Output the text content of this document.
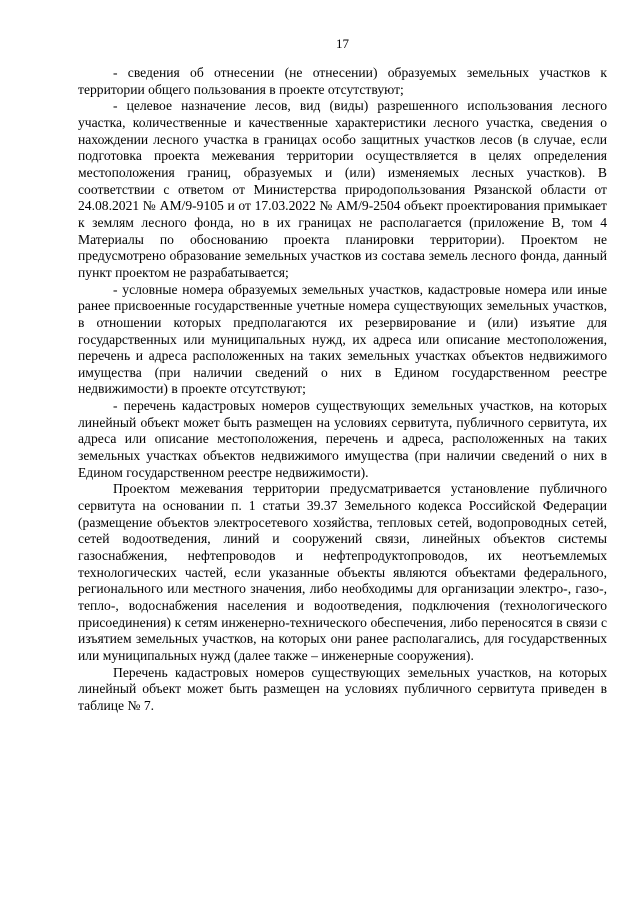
17

- сведения об отнесении (не отнесении) образуемых земельных участков к территории общего пользования в проекте отсутствуют;

- целевое назначение лесов, вид (виды) разрешенного использования лесного участка, количественные и качественные характеристики лесного участка, сведения о нахождении лесного участка в границах особо защитных участков лесов (в случае, если подготовка проекта межевания территории осуществляется в целях определения местоположения границ, образуемых и (или) изменяемых лесных участков). В соответствии с ответом от Министерства природопользования Рязанской области от 24.08.2021 № АМ/9-9105 и от 17.03.2022 № АМ/9-2504 объект проектирования примыкает к землям лесного фонда, но в их границах не располагается (приложение В, том 4 Материалы по обоснованию проекта планировки территории). Проектом не предусмотрено образование земельных участков из состава земель лесного фонда, данный пункт проектом не разрабатывается;

- условные номера образуемых земельных участков, кадастровые номера или иные ранее присвоенные государственные учетные номера существующих земельных участков, в отношении которых предполагаются их резервирование и (или) изъятие для государственных или муниципальных нужд, их адреса или описание местоположения, перечень и адреса расположенных на таких земельных участках объектов недвижимого имущества (при наличии сведений о них в Едином государственном реестре недвижимости) в проекте отсутствуют;

- перечень кадастровых номеров существующих земельных участков, на которых линейный объект может быть размещен на условиях сервитута, публичного сервитута, их адреса или описание местоположения, перечень и адреса, расположенных на таких земельных участках объектов недвижимого имущества (при наличии сведений о них в Едином государственном реестре недвижимости).

Проектом межевания территории предусматривается установление публичного сервитута на основании п. 1 статьи 39.37 Земельного кодекса Российской Федерации (размещение объектов электросетевого хозяйства, тепловых сетей, водопроводных сетей, сетей водоотведения, линий и сооружений связи, линейных объектов системы газоснабжения, нефтепроводов и нефтепродуктопроводов, их неотъемлемых технологических частей, если указанные объекты являются объектами федерального, регионального или местного значения, либо необходимы для организации электро-, газо-, тепло-, водоснабжения населения и водоотведения, подключения (технологического присоединения) к сетям инженерно-технического обеспечения, либо переносятся в связи с изъятием земельных участков, на которых они ранее располагались, для государственных или муниципальных нужд (далее также – инженерные сооружения).

Перечень кадастровых номеров существующих земельных участков, на которых линейный объект может быть размещен на условиях публичного сервитута приведен в таблице № 7.
